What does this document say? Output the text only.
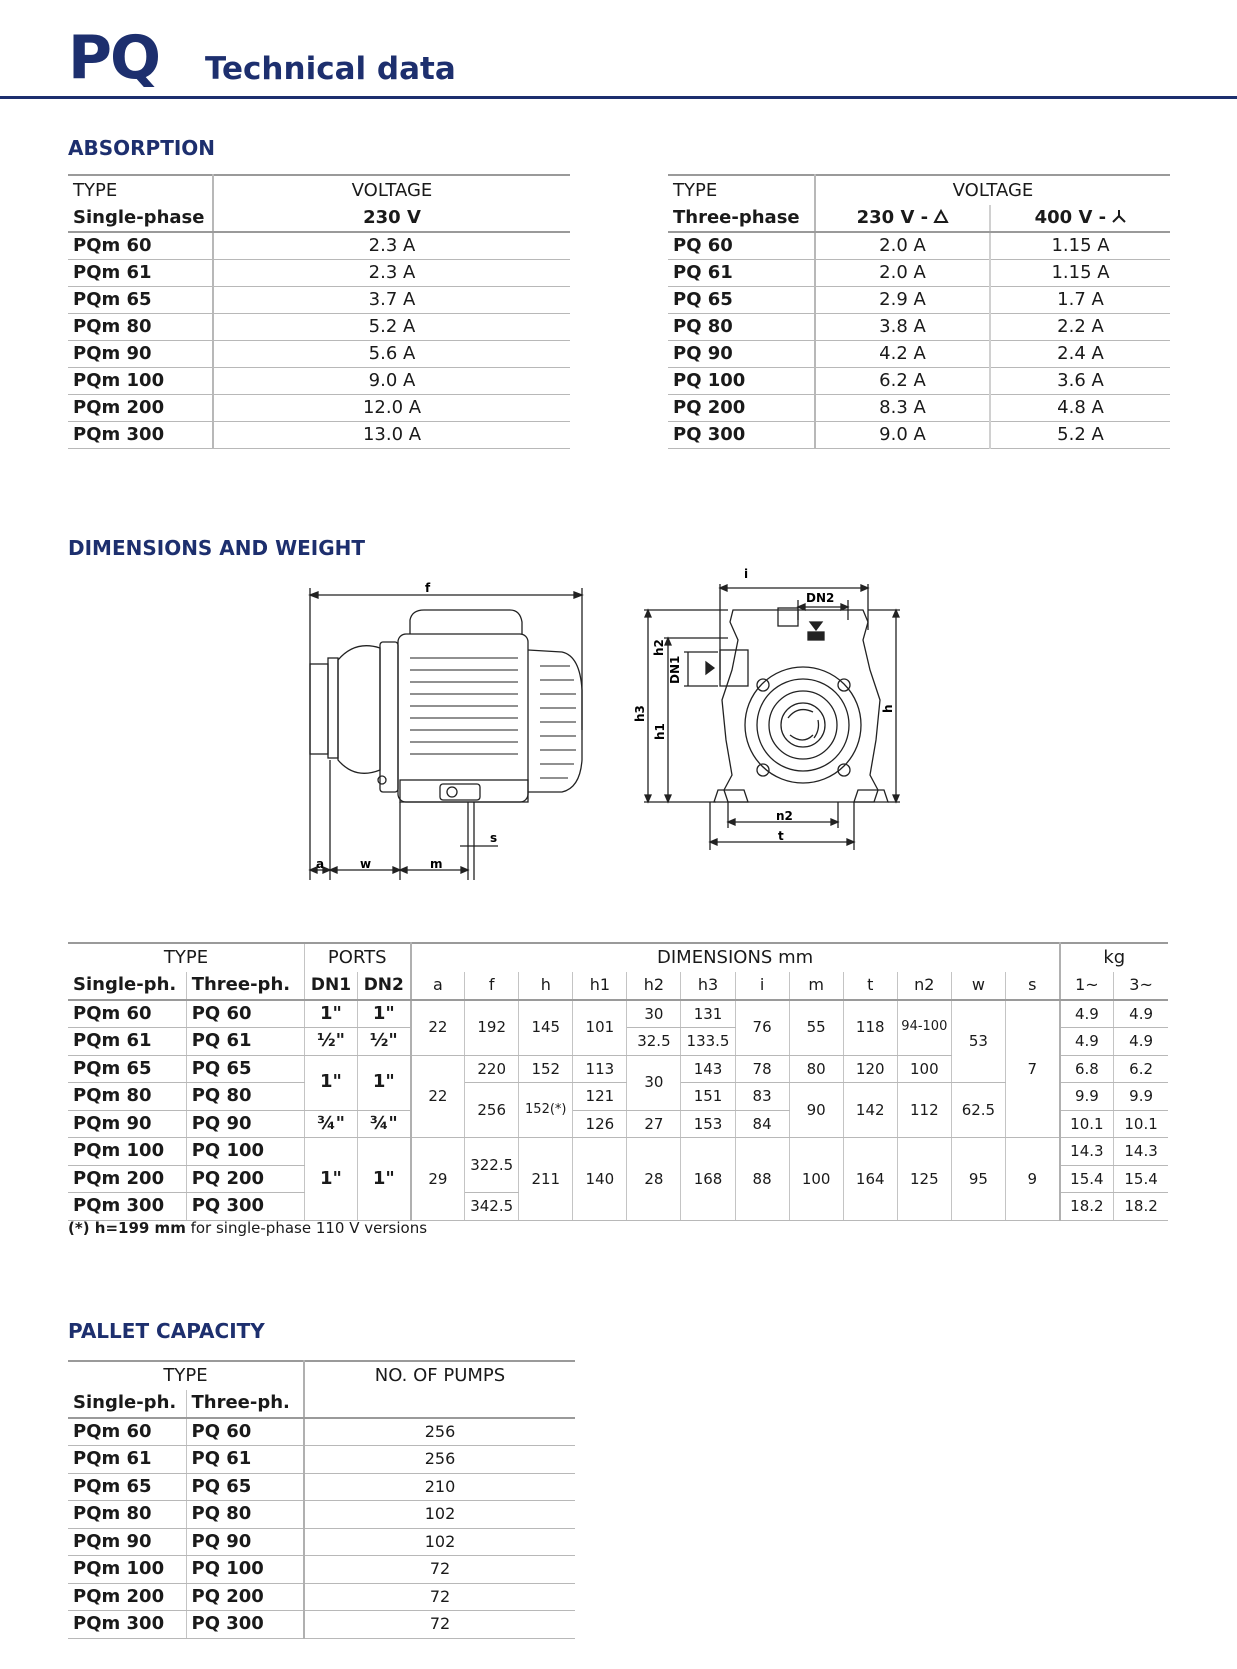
PQ Technical data
ABSORPTION
TYPE	VOLTAGE
Single-phase	230 V
PQm 60	2.3 A
PQm 61	2.3 A
PQm 65	3.7 A
PQm 80	5.2 A
PQm 90	5.6 A
PQm 100	9.0 A
PQm 200	12.0 A
PQm 300	13.0 A
TYPE	VOLTAGE	
Three-phase	230 V -	400 V -
PQ 60	2.0 A	1.15 A
PQ 61	2.0 A	1.15 A
PQ 65	2.9 A	1.7 A
PQ 80	3.8 A	2.2 A
PQ 90	4.2 A	2.4 A
PQ 100	6.2 A	3.6 A
PQ 200	8.3 A	4.8 A
PQ 300	9.0 A	5.2 A
DIMENSIONS AND WEIGHT
f
a	w	m
s
i
DN2
DN1
h2
h3
h1
h
n2
t
TYPE		PORTS		DIMENSIONS mm												kg	
Single-ph.	Three-ph.	DN1	DN2	a	f	h	h1	h2	h3	i	m	t	n2	w	s	1~	3~
PQm 60	PQ 60	1"	1"	22	192	145	101	30	131	76	55	118	94-100	53	7	4.9	4.9
PQm 61	PQ 61	½"	½"					32.5	133.5							4.9	4.9
PQm 65	PQ 65	1"	1"	22	220	152	113	30	143	78	80	120	100			6.8	6.2
PQm 80	PQ 80				256	152(*)	121		151	83	90	142	112	62.5		9.9	9.9
PQm 90	PQ 90	¾"	¾"				126	27	153	84						10.1	10.1
PQm 100	PQ 100	1"	1"	29	322.5	211	140	28	168	88	100	164	125	95	9	14.3	14.3
PQm 200	PQ 200															15.4	15.4
PQm 300	PQ 300				342.5											18.2	18.2
(*) h=199 mm for single-phase 110 V versions
PALLET CAPACITY
TYPE		NO. OF PUMPS
Single-ph.	Three-ph.	
PQm 60	PQ 60	256
PQm 61	PQ 61	256
PQm 65	PQ 65	210
PQm 80	PQ 80	102
PQm 90	PQ 90	102
PQm 100	PQ 100	72
PQm 200	PQ 200	72
PQm 300	PQ 300	72
